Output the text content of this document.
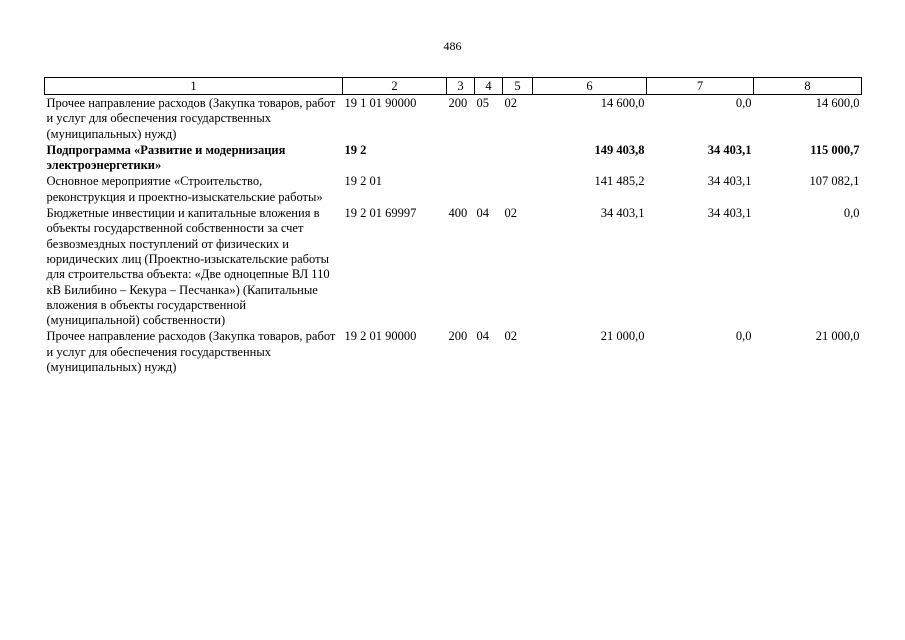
486
1	2	3	4	5	6	7	8
Прочее направление расходов (Закупка товаров, работ и услуг для обеспечения государственных (муниципальных) нужд)	19 1 01 90000	200	05	02	14 600,0	0,0	14 600,0
Подпрограмма «Развитие и модернизация электроэнергетики»	19 2				149 403,8	34 403,1	115 000,7
Основное мероприятие «Строительство, реконструкция и проектно-изыскательские работы»	19 2 01				141 485,2	34 403,1	107 082,1
Бюджетные инвестиции и капитальные вложения в объекты государственной собственности за счет безвозмездных поступлений от физических и юридических лиц (Проектно-изыскательские работы для строительства объекта: «Две одноцепные ВЛ 110 кВ Билибино – Кекура – Песчанка») (Капитальные вложения в объекты государственной (муниципальной) собственности)	19 2 01 69997	400	04	02	34 403,1	34 403,1	0,0
Прочее направление расходов (Закупка товаров, работ и услуг для обеспечения государственных (муниципальных) нужд)	19 2 01 90000	200	04	02	21 000,0	0,0	21 000,0
